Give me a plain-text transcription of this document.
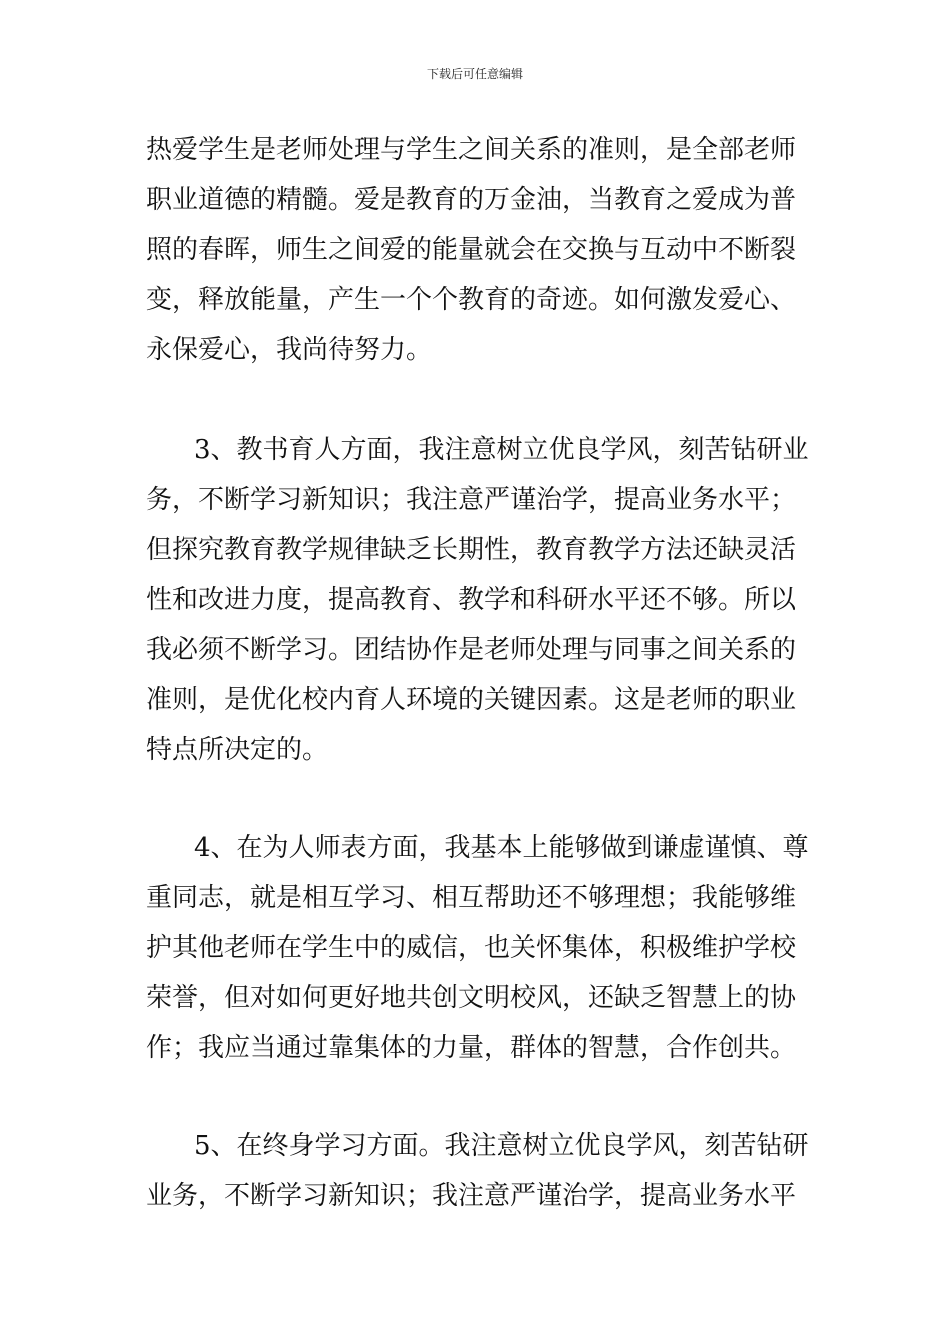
下载后可任意编辑
热爱学生是老师处理与学生之间关系的准则，是全部老师
职业道德的精髓。爱是教育的万金油，当教育之爱成为普
照的春晖，师生之间爱的能量就会在交换与互动中不断裂
变，释放能量，产生一个个教育的奇迹。如何激发爱心、
永保爱心，我尚待努力。
3、教书育人方面，我注意树立优良学风，刻苦钻研业
务，不断学习新知识；我注意严谨治学，提高业务水平；
但探究教育教学规律缺乏长期性，教育教学方法还缺灵活
性和改进力度，提高教育、教学和科研水平还不够。所以
我必须不断学习。团结协作是老师处理与同事之间关系的
准则，是优化校内育人环境的关键因素。这是老师的职业
特点所决定的。
4、在为人师表方面，我基本上能够做到谦虚谨慎、尊
重同志，就是相互学习、相互帮助还不够理想；我能够维
护其他老师在学生中的威信，也关怀集体，积极维护学校
荣誉，但对如何更好地共创文明校风，还缺乏智慧上的协
作；我应当通过靠集体的力量，群体的智慧，合作创共。
5、在终身学习方面。我注意树立优良学风，刻苦钻研
业务，不断学习新知识；我注意严谨治学，提高业务水平
